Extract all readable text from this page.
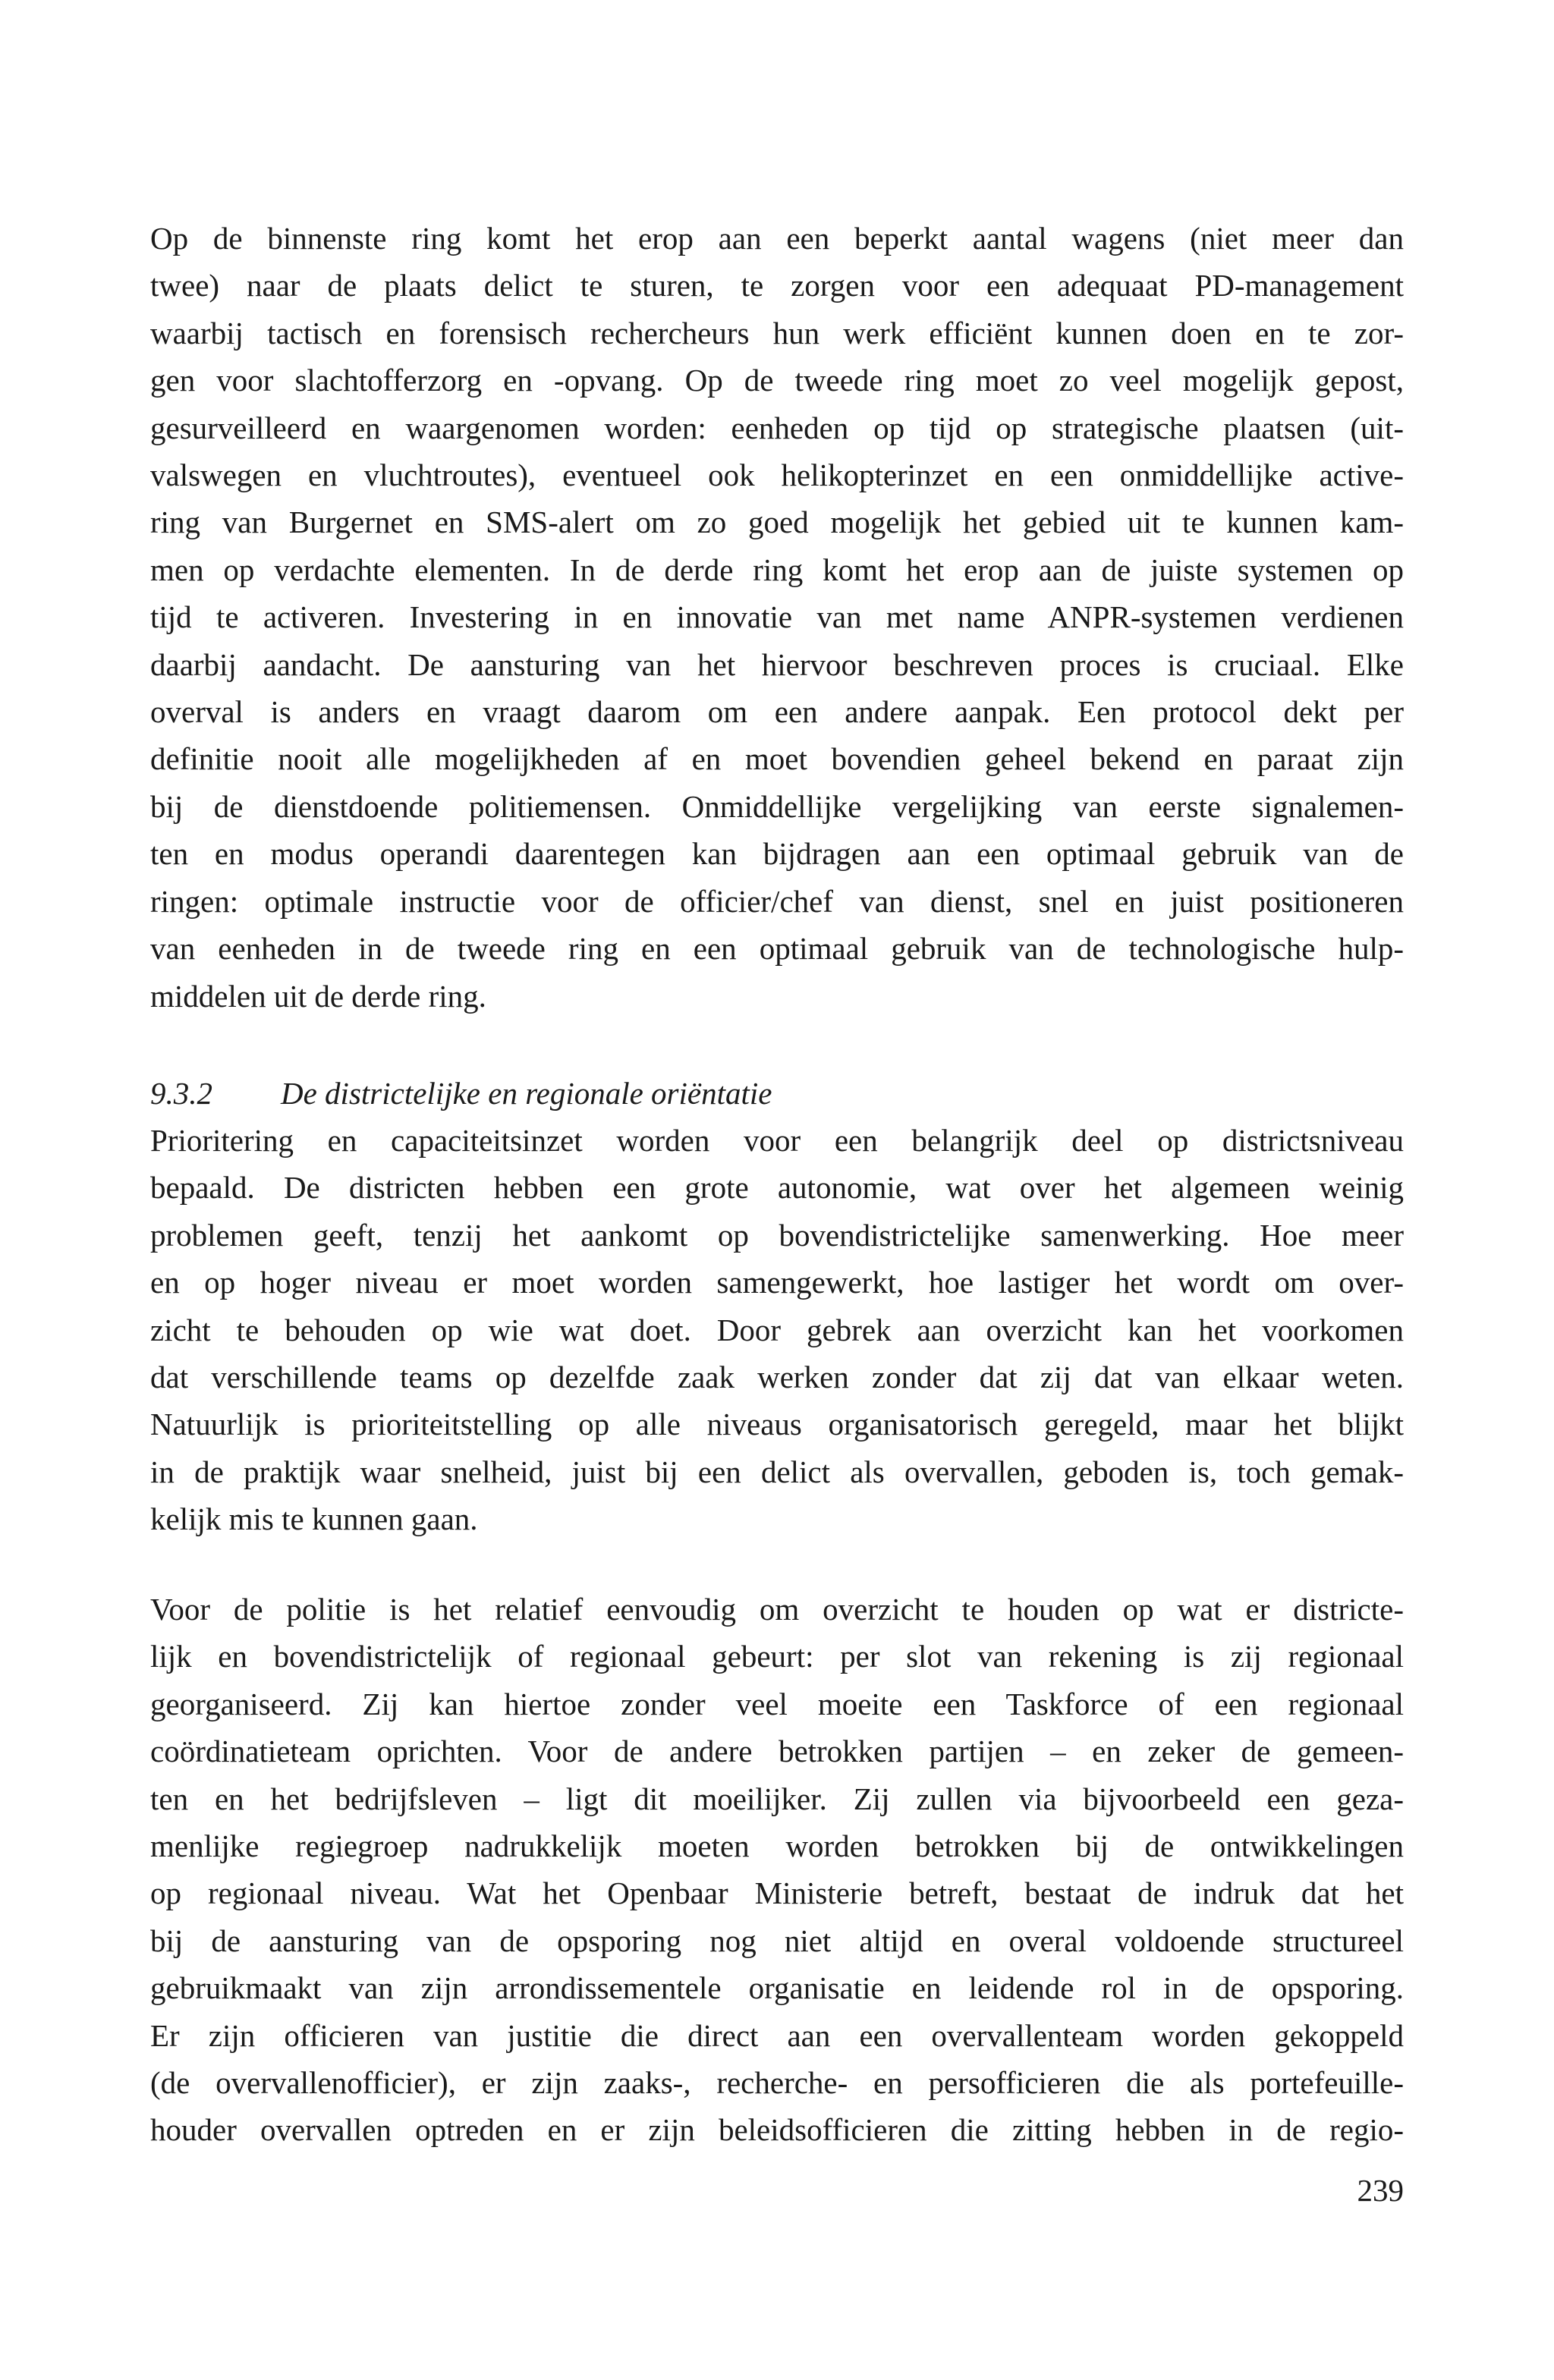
Op de binnenste ring komt het erop aan een beperkt aantal wagens (niet meer dan
twee) naar de plaats delict te sturen, te zorgen voor een adequaat PD-management
waarbij tactisch en forensisch rechercheurs hun werk efficiënt kunnen doen en te zor-
gen voor slachtofferzorg en -opvang. Op de tweede ring moet zo veel mogelijk gepost,
gesurveilleerd en waargenomen worden: eenheden op tijd op strategische plaatsen (uit-
valswegen en vluchtroutes), eventueel ook helikopterinzet en een onmiddellijke active-
ring van Burgernet en SMS-alert om zo goed mogelijk het gebied uit te kunnen kam-
men op verdachte elementen. In de derde ring komt het erop aan de juiste systemen op
tijd te activeren. Investering in en innovatie van met name ANPR-systemen verdienen
daarbij aandacht. De aansturing van het hiervoor beschreven proces is cruciaal. Elke
overval is anders en vraagt daarom om een andere aanpak. Een protocol dekt per
definitie nooit alle mogelijkheden af en moet bovendien geheel bekend en paraat zijn
bij de dienstdoende politiemensen. Onmiddellijke vergelijking van eerste signalemen-
ten en modus operandi daarentegen kan bijdragen aan een optimaal gebruik van de
ringen: optimale instructie voor de officier/chef van dienst, snel en juist positioneren
van eenheden in de tweede ring en een optimaal gebruik van de technologische hulp-
middelen uit de derde ring.

9.3.2 De districtelijke en regionale oriëntatie

Prioritering en capaciteitsinzet worden voor een belangrijk deel op districtsniveau
bepaald. De districten hebben een grote autonomie, wat over het algemeen weinig
problemen geeft, tenzij het aankomt op bovendistrictelijke samenwerking. Hoe meer
en op hoger niveau er moet worden samengewerkt, hoe lastiger het wordt om over-
zicht te behouden op wie wat doet. Door gebrek aan overzicht kan het voorkomen
dat verschillende teams op dezelfde zaak werken zonder dat zij dat van elkaar weten.
Natuurlijk is prioriteitstelling op alle niveaus organisatorisch geregeld, maar het blijkt
in de praktijk waar snelheid, juist bij een delict als overvallen, geboden is, toch gemak-
kelijk mis te kunnen gaan.

Voor de politie is het relatief eenvoudig om overzicht te houden op wat er districte-
lijk en bovendistrictelijk of regionaal gebeurt: per slot van rekening is zij regionaal
georganiseerd. Zij kan hiertoe zonder veel moeite een Taskforce of een regionaal
coördinatieteam oprichten. Voor de andere betrokken partijen – en zeker de gemeen-
ten en het bedrijfsleven – ligt dit moeilijker. Zij zullen via bijvoorbeeld een geza-
menlijke regiegroep nadrukkelijk moeten worden betrokken bij de ontwikkelingen
op regionaal niveau. Wat het Openbaar Ministerie betreft, bestaat de indruk dat het
bij de aansturing van de opsporing nog niet altijd en overal voldoende structureel
gebruikmaakt van zijn arrondissementele organisatie en leidende rol in de opsporing.
Er zijn officieren van justitie die direct aan een overvallenteam worden gekoppeld
(de overvallenofficier), er zijn zaaks-, recherche- en persofficieren die als portefeuille-
houder overvallen optreden en er zijn beleidsofficieren die zitting hebben in de regio-

239
